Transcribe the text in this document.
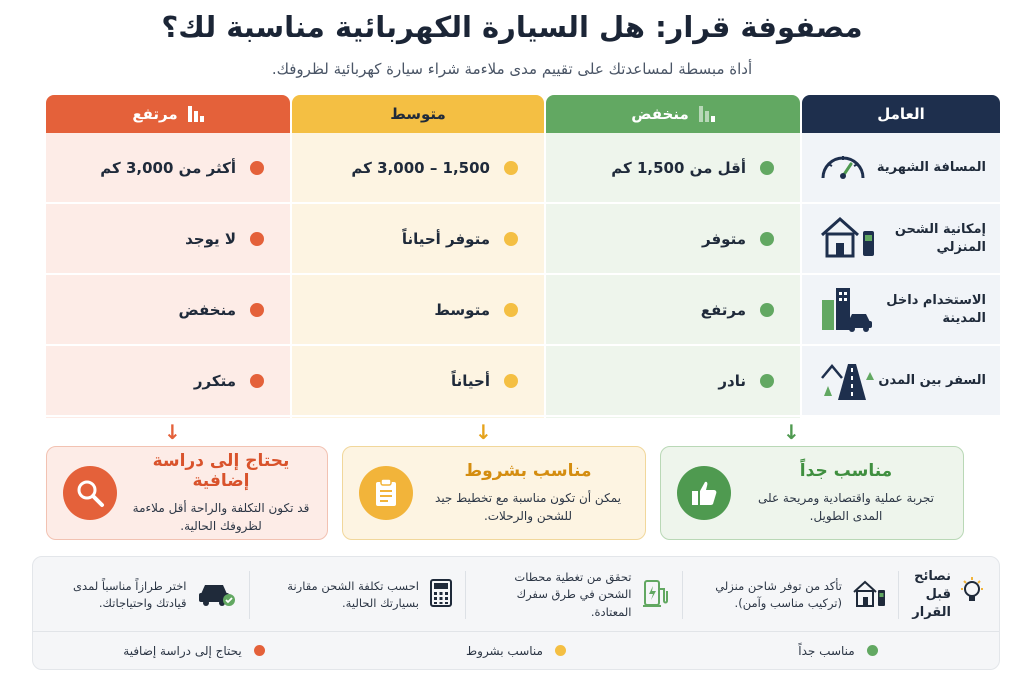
مصفوفة قرار: هل السيارة الكهربائية مناسبة لك؟
أداة مبسطة لمساعدتك على تقييم مدى ملاءمة شراء سيارة كهربائية لظروفك.
العامل
المسافة الشهرية
إمكانية الشحن المنزلي
الاستخدام داخل المدينة
السفر بين المدن
منخفض
أقل من 1,500 كم
متوفر
مرتفع
نادر
متوسط
1,500 – 3,000 كم
متوفر أحياناً
متوسط
أحياناً
مرتفع
أكثر من 3,000 كم
لا يوجد
منخفض
متكرر
↓
↓
↓
مناسب جداً
تجربة عملية واقتصادية ومريحة على المدى الطويل.
مناسب بشروط
يمكن أن تكون مناسبة مع تخطيط جيد للشحن والرحلات.
يحتاج إلى دراسة إضافية
قد تكون التكلفة والراحة أقل ملاءمة لظروفك الحالية.
نصائح قبل القرار
تأكد من توفر شاحن منزلي (تركيب مناسب وآمن).
تحقق من تغطية محطات الشحن في طرق سفرك المعتادة.
احسب تكلفة الشحن مقارنة بسيارتك الحالية.
اختر طرازاً مناسباً لمدى قيادتك واحتياجاتك.
مناسب جداً
مناسب بشروط
يحتاج إلى دراسة إضافية
